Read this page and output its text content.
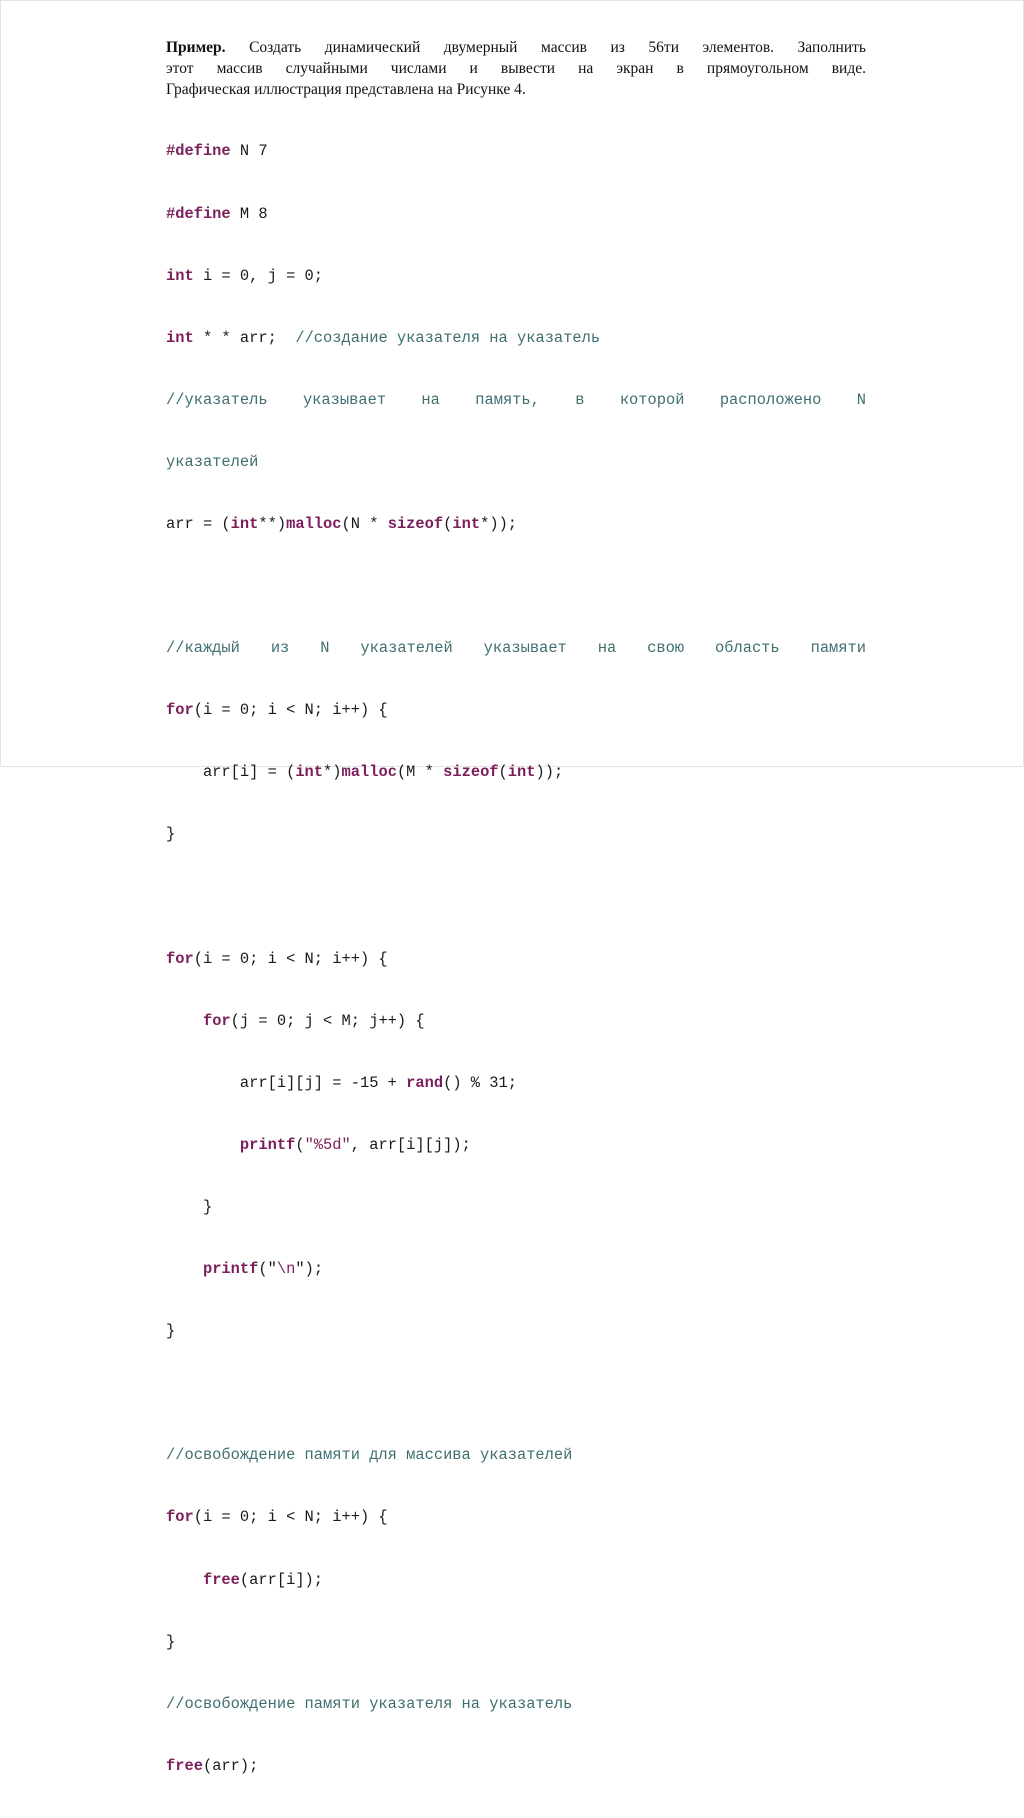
Пример. Создать динамический двумерный массив из 56ти элементов. Заполнить
этот массив случайными числами и вывести на экран в прямоугольном виде.
Графическая иллюстрация представлена на Рисунке 4.

#define N 7

#define M 8

int i = 0, j = 0;

int * * arr;  //создание указателя на указатель

//указатель указывает на память, в которой расположено N

указателей

arr = (int**)malloc(N * sizeof(int*));

//каждый из N указателей указывает на свою область памяти

for(i = 0; i < N; i++) {

arr[i] = (int*)malloc(M * sizeof(int));

}

for(i = 0; i < N; i++) {

for(j = 0; j < M; j++) {

arr[i][j] = -15 + rand() % 31;

printf("%5d", arr[i][j]);

}

printf("\n");

}

//освобождение памяти для массива указателей

for(i = 0; i < N; i++) {

free(arr[i]);

}

//освобождение памяти указателя на указатель

free(arr);
